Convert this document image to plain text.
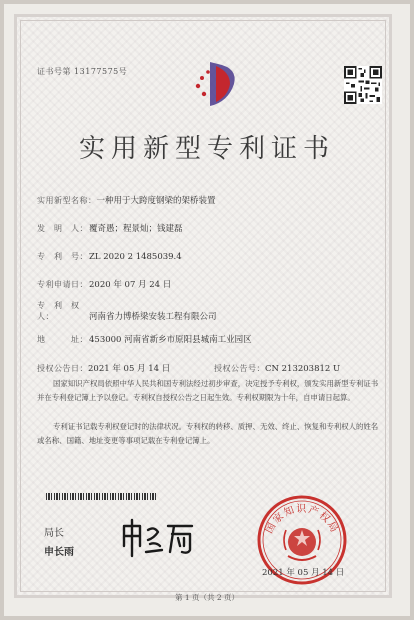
证书号第 13177575号
实用新型专利证书
实用新型名称：一种用于大跨度钢梁的架桥装置
发　明　人：覆奇愚；程景灿；钱建磊
专　利　号：ZL 2020 2 1485039.4
专利申请日：2020 年 07 月 24 日
专　利　权　人：	河南省力博桥梁安装工程有限公司
地　　　址：453000 河南省新乡市原阳县城南工业园区
授权公告日：2021 年 05 月 14 日	授权公告号：CN 213203812 U
国家知识产权局依照中华人民共和国专利法经过初步审查，决定授予专利权，颁发实用新型专利证书并在专利登记簿上予以登记。专利权自授权公告之日起生效。专利权期限为十年，自申请日起算。
专利证书记载专利权登记时的法律状况。专利权的转移、质押、无效、终止、恢复和专利权人的姓名或名称、国籍、地址变更等事项记载在专利登记簿上。
局长
申长雨
国家知识产权局
2021 年 05 月 14 日
第 1 页（共 2 页）
